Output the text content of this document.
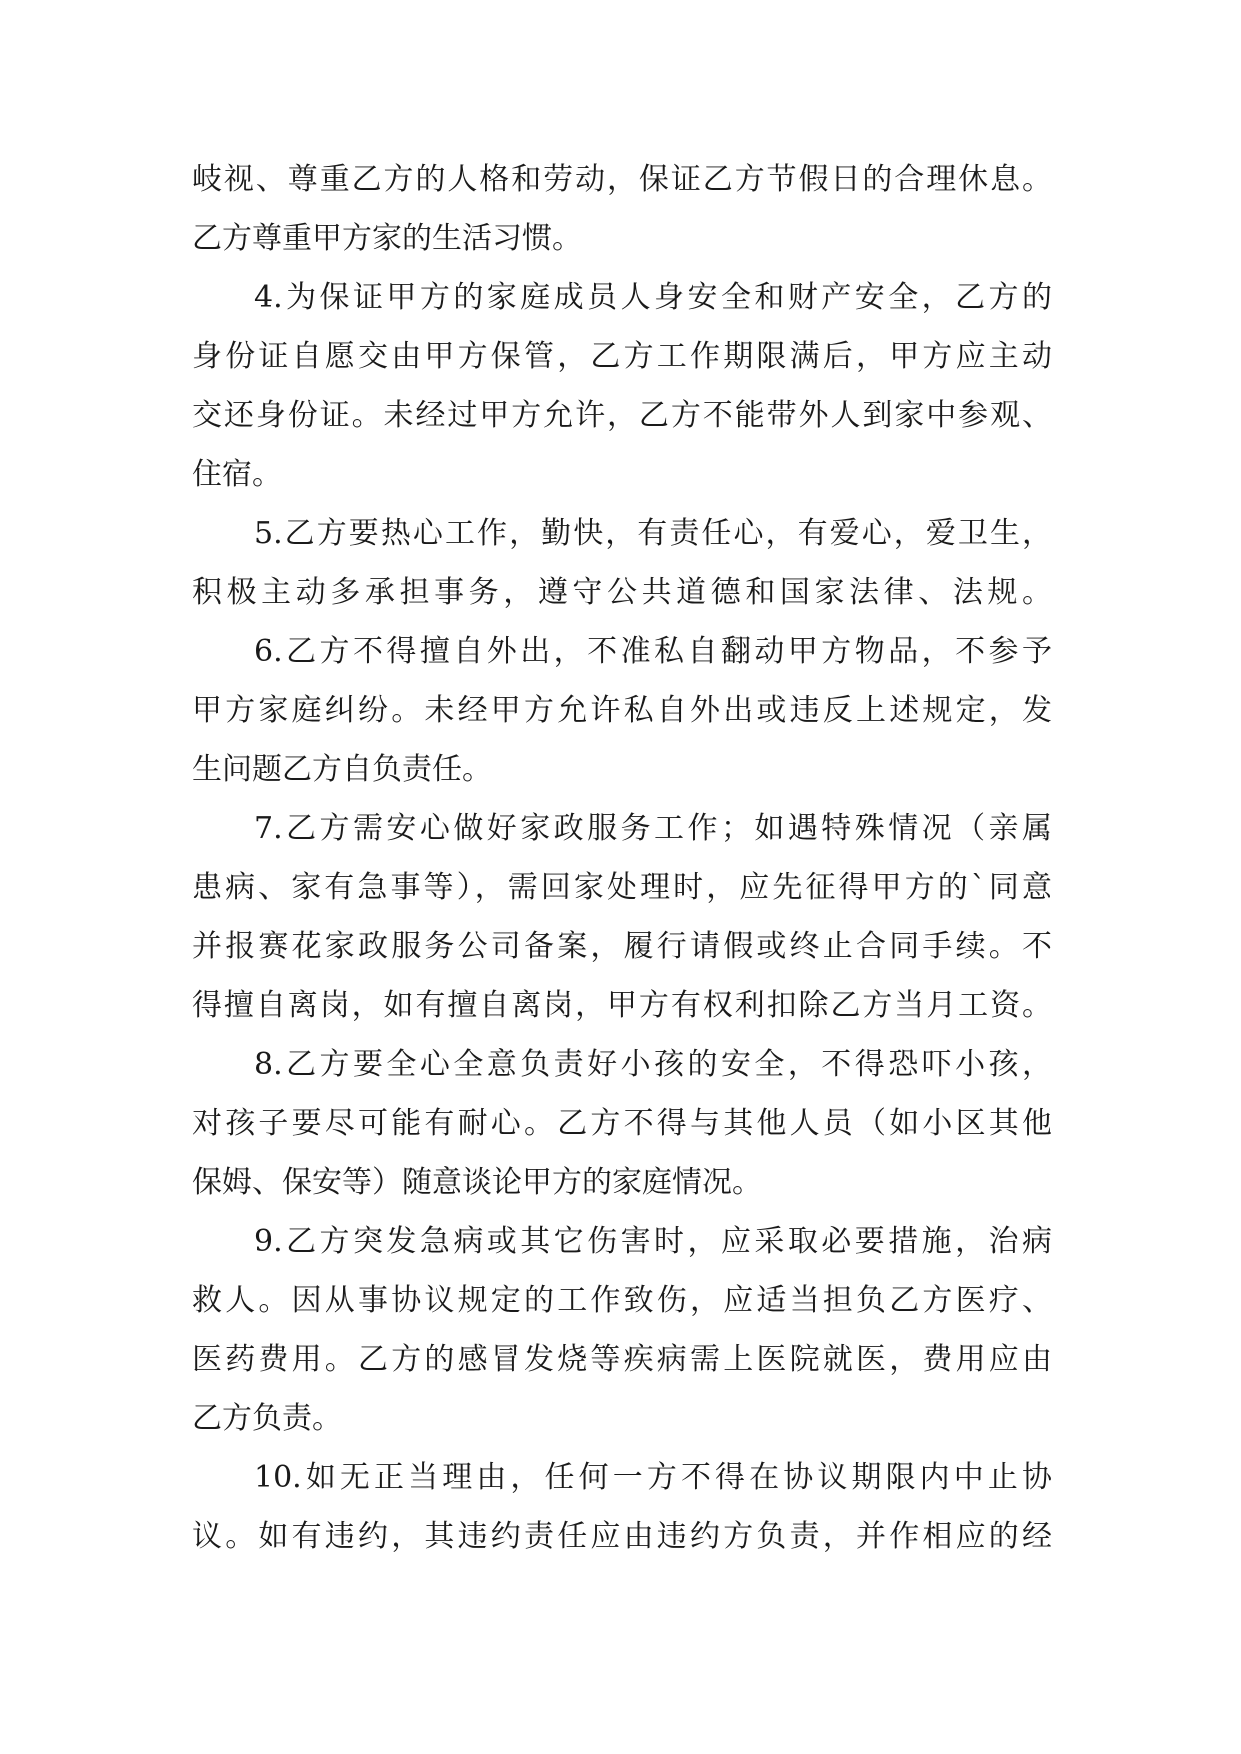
岐视、尊重乙方的人格和劳动，保证乙方节假日的合理休息。
乙方尊重甲方家的生活习惯。
4.为保证甲方的家庭成员人身安全和财产安全，乙方的
身份证自愿交由甲方保管，乙方工作期限满后，甲方应主动
交还身份证。未经过甲方允许，乙方不能带外人到家中参观、
住宿。
5.乙方要热心工作，勤快，有责任心，有爱心，爱卫生，
积极主动多承担事务，遵守公共道德和国家法律、法规。
6.乙方不得擅自外出，不准私自翻动甲方物品，不参予
甲方家庭纠纷。未经甲方允许私自外出或违反上述规定，发
生问题乙方自负责任。
7.乙方需安心做好家政服务工作；如遇特殊情况（亲属
患病、家有急事等），需回家处理时，应先征得甲方的`同意
并报赛花家政服务公司备案，履行请假或终止合同手续。不
得擅自离岗，如有擅自离岗，甲方有权利扣除乙方当月工资。
8.乙方要全心全意负责好小孩的安全，不得恐吓小孩，
对孩子要尽可能有耐心。乙方不得与其他人员（如小区其他
保姆、保安等）随意谈论甲方的家庭情况。
9.乙方突发急病或其它伤害时，应采取必要措施，治病
救人。因从事协议规定的工作致伤，应适当担负乙方医疗、
医药费用。乙方的感冒发烧等疾病需上医院就医，费用应由
乙方负责。
10.如无正当理由，任何一方不得在协议期限内中止协
议。如有违约，其违约责任应由违约方负责，并作相应的经
